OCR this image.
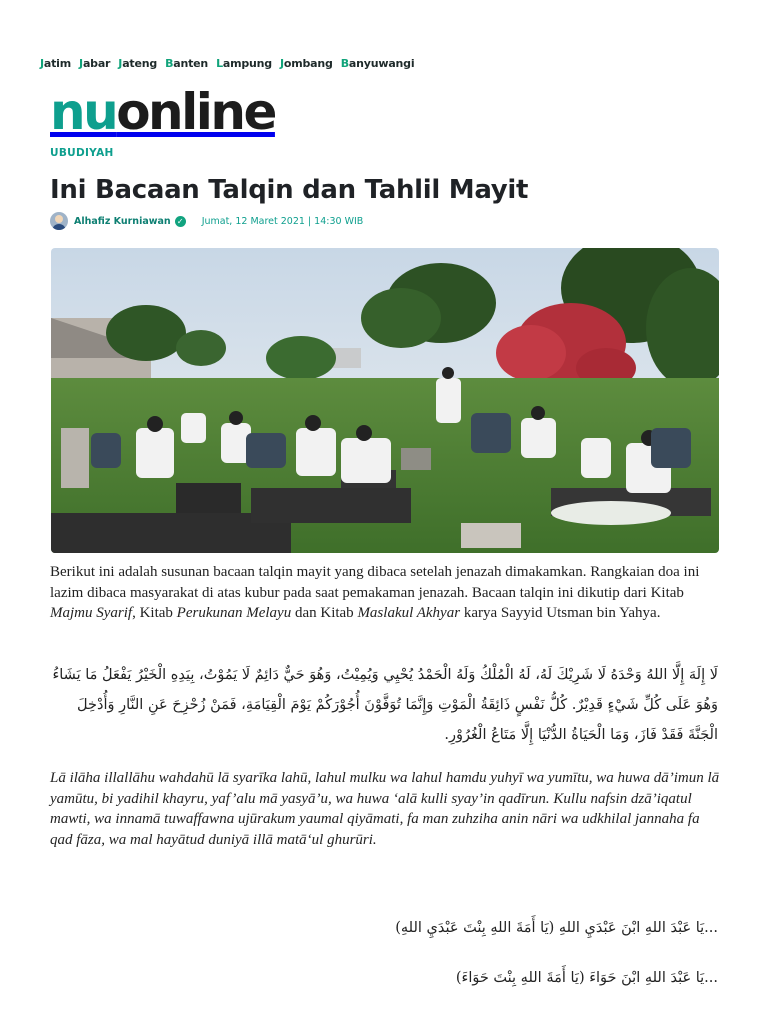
Jatim Jabar Jateng Banten Lampung Jombang Banyuwangi
nu online
UBUDIYAH
Ini Bacaan Talqin dan Tahlil Mayit
Alhafiz Kurniawan ✓ Jumat, 12 Maret 2021 | 14:30 WIB

Berikut ini adalah susunan bacaan talqin mayit yang dibaca setelah jenazah dimakamkan. Rangkaian doa ini lazim dibaca masyarakat di atas kubur pada saat pemakaman jenazah. Bacaan talqin ini dikutip dari Kitab Majmu Syarif, Kitab Perukunan Melayu dan Kitab Maslakul Akhyar karya Sayyid Utsman bin Yahya.

لَا إِلَهَ إِلَّا اللهُ وَحْدَهُ لَا شَرِيْكَ لَهُ، لَهُ الْمُلْكُ وَلَهُ الْحَمْدُ يُحْيِي وَيُمِيْتُ، وَهُوَ حَيٌّ دَائِمٌ لَا يَمُوْتُ، بِيَدِهِ الْخَيْرُ يَفْعَلُ مَا يَشَاءُ وَهُوَ عَلَى كُلِّ شَيْءٍ قَدِيْرٌ. كُلُّ نَفْسٍ ذَائِقَةُ الْمَوْتِ وَإِنَّمَا تُوَفَّوْنَ أُجُوْرَكُمْ يَوْمَ الْقِيَامَةِ، فَمَنْ زُحْزِحَ عَنِ النَّارِ وَأُدْخِلَ الْجَنَّةَ فَقَدْ فَازَ، وَمَا الْحَيَاةُ الدُّنْيَا إِلَّا مَتَاعُ الْغُرُوْرِ.

Lā ilāha illallāhu wahdahū lā syarīka lahū, lahul mulku wa lahul hamdu yuhyī wa yumītu, wa huwa dā’imun lā yamūtu, bi yadihil khayru, yaf’alu mā yasyā’u, wa huwa ‘alā kulli syay’in qadīrun. Kullu nafsin dzā’iqatul mawti, wa innamā tuwaffawna ujūrakum yaumal qiyāmati, fa man zuhziha anin nāri wa udkhilal jannaha fa qad fāza, wa mal hayātud duniyā illā matā‘ul ghurūri.

...يَا عَبْدَ اللهِ ابْنَ عَبْدَيِ اللهِ (يَا أَمَةَ اللهِ بِنْتَ عَبْدَيِ اللهِ)

...يَا عَبْدَ اللهِ ابْنَ حَوَاءَ (يَا أَمَةَ اللهِ بِنْتَ حَوَاءَ)
